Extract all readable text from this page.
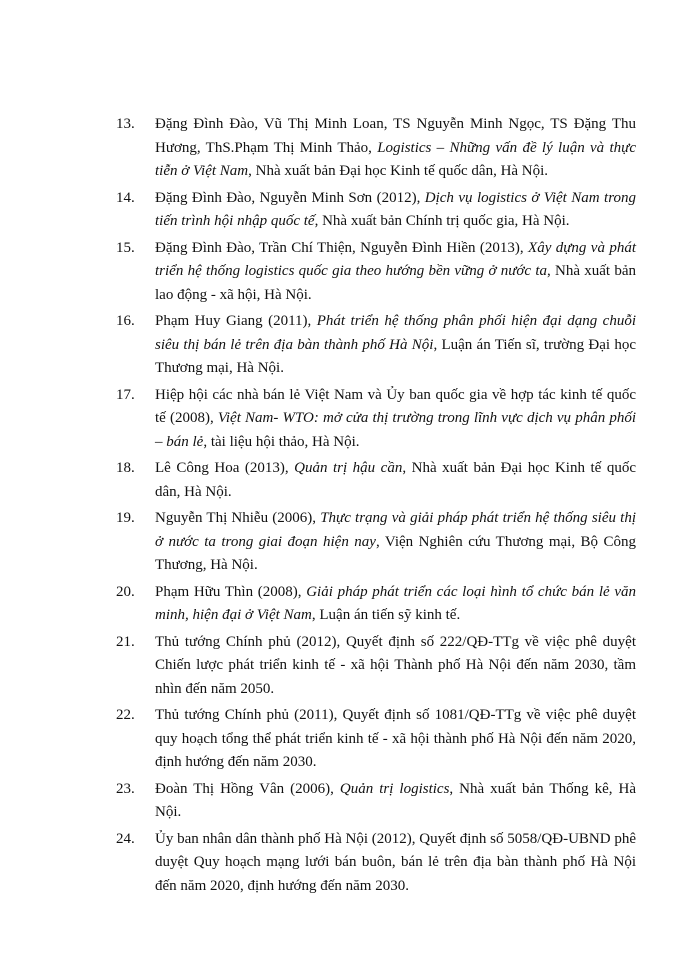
13.	Đặng Đình Đào, Vũ Thị Minh Loan, TS Nguyễn Minh Ngọc, TS Đặng Thu Hương, ThS.Phạm Thị Minh Thảo, Logistics – Những vấn đề lý luận và thực tiễn ở Việt Nam, Nhà xuất bản Đại học Kinh tế quốc dân, Hà Nội.
14.	Đặng Đình Đào, Nguyễn Minh Sơn (2012), Dịch vụ logistics ở Việt Nam trong tiến trình hội nhập quốc tế, Nhà xuất bản Chính trị quốc gia, Hà Nội.
15.	Đặng Đình Đào, Trần Chí Thiện, Nguyễn Đình Hiền (2013), Xây dựng và phát triển hệ thống logistics quốc gia theo hướng bền vững ở nước ta, Nhà xuất bản lao động - xã hội, Hà Nội.
16.	Phạm Huy Giang (2011), Phát triển hệ thống phân phối hiện đại dạng chuỗi siêu thị bán lẻ trên địa bàn thành phố Hà Nội, Luận án Tiến sĩ, trường Đại học Thương mại, Hà Nội.
17.	Hiệp hội các nhà bán lẻ Việt Nam và Ủy ban quốc gia về hợp tác kinh tế quốc tế (2008), Việt Nam- WTO: mở cửa thị trường trong lĩnh vực dịch vụ phân phối – bán lẻ, tài liệu hội thảo, Hà Nội.
18.	Lê Công Hoa (2013), Quản trị hậu cần, Nhà xuất bản Đại học Kinh tế quốc dân, Hà Nội.
19.	Nguyễn Thị Nhiễu (2006), Thực trạng và giải pháp phát triển hệ thống siêu thị ở nước ta trong giai đoạn hiện nay, Viện Nghiên cứu Thương mại, Bộ Công Thương, Hà Nội.
20.	Phạm Hữu Thìn (2008), Giải pháp phát triển các loại hình tổ chức bán lẻ văn minh, hiện đại ở Việt Nam, Luận án tiến sỹ kinh tế.
21.	Thủ tướng Chính phủ (2012), Quyết định số 222/QĐ-TTg về việc phê duyệt Chiến lược phát triển kinh tế - xã hội Thành phố Hà Nội đến năm 2030, tầm nhìn đến năm 2050.
22.	Thủ tướng Chính phủ (2011), Quyết định số 1081/QĐ-TTg về việc phê duyệt quy hoạch tổng thể phát triển kinh tế - xã hội thành phố Hà Nội đến năm 2020, định hướng đến năm 2030.
23.	Đoàn Thị Hồng Vân (2006), Quản trị logistics, Nhà xuất bản Thống kê, Hà Nội.
24.	Ủy ban nhân dân thành phố Hà Nội (2012), Quyết định số 5058/QĐ-UBND phê duyệt Quy hoạch mạng lưới bán buôn, bán lẻ trên địa bàn thành phố Hà Nội đến năm 2020, định hướng đến năm 2030.
